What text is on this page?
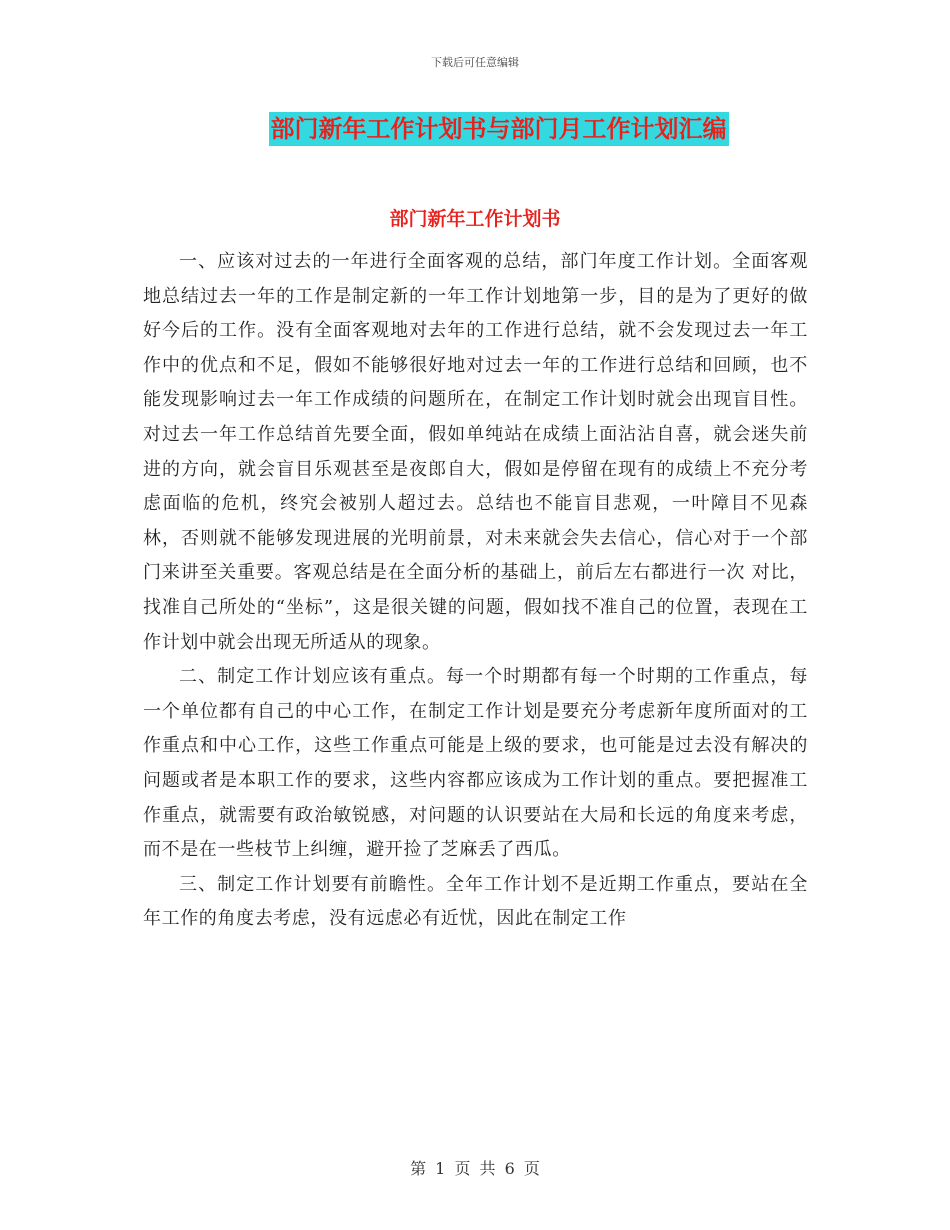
下载后可任意编辑
部门新年工作计划书与部门月工作计划汇编
部门新年工作计划书

一、应该对过去的一年进行全面客观的总结，部门年度工作计划。全面客观地总结过去一年的工作是制定新的一年工作计划地第一步，目的是为了更好的做好今后的工作。没有全面客观地对去年的工作进行总结，就不会发现过去一年工作中的优点和不足，假如不能够很好地对过去一年的工作进行总结和回顾，也不能发现影响过去一年工作成绩的问题所在，在制定工作计划时就会出现盲目性。对过去一年工作总结首先要全面，假如单纯站在成绩上面沾沾自喜，就会迷失前进的方向，就会盲目乐观甚至是夜郎自大，假如是停留在现有的成绩上不充分考虑面临的危机，终究会被别人超过去。总结也不能盲目悲观，一叶障目不见森林，否则就不能够发现进展的光明前景，对未来就会失去信心，信心对于一个部门来讲至关重要。客观总结是在全面分析的基础上，前后左右都进行一次 对比，找准自己所处的“坐标”，这是很关键的问题，假如找不准自己的位置，表现在工作计划中就会出现无所适从的现象。

二、制定工作计划应该有重点。每一个时期都有每一个时期的工作重点，每一个单位都有自己的中心工作，在制定工作计划是要充分考虑新年度所面对的工作重点和中心工作，这些工作重点可能是上级的要求，也可能是过去没有解决的问题或者是本职工作的要求，这些内容都应该成为工作计划的重点。要把握准工作重点，就需要有政治敏锐感，对问题的认识要站在大局和长远的角度来考虑，而不是在一些枝节上纠缠，避开捡了芝麻丢了西瓜。

三、制定工作计划要有前瞻性。全年工作计划不是近期工作重点，要站在全年工作的角度去考虑，没有远虑必有近忧，因此在制定工作

第 1 页 共 6 页
